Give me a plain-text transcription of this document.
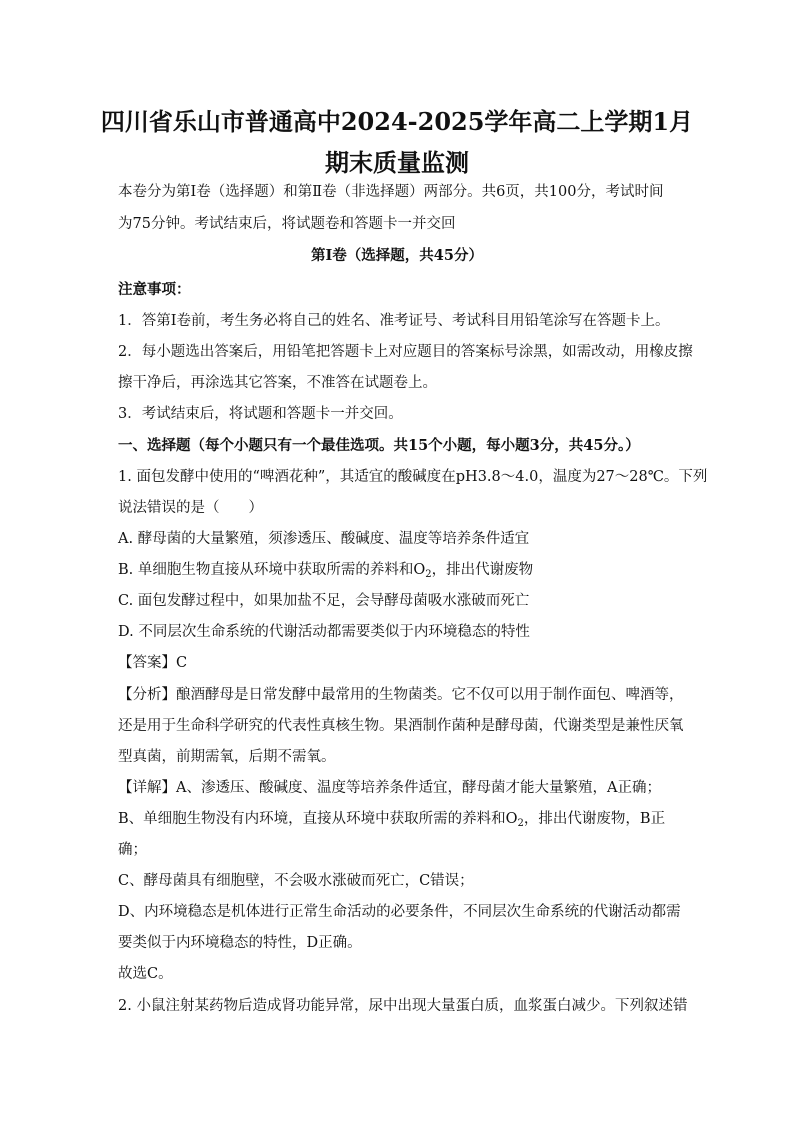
四川省乐山市普通高中2024-2025学年高二上学期1月
期末质量监测
本卷分为第Ⅰ卷（选择题）和第Ⅱ卷（非选择题）两部分。共6页，共100分，考试时间
为75分钟。考试结束后，将试题卷和答题卡一并交回
第Ⅰ卷（选择题，共45分）
注意事项：
1．答第Ⅰ卷前，考生务必将自己的姓名、准考证号、考试科目用铅笔涂写在答题卡上。
2．每小题选出答案后，用铅笔把答题卡上对应题目的答案标号涂黑，如需改动，用橡皮擦
擦干净后，再涂选其它答案，不准答在试题卷上。
3．考试结束后，将试题和答题卡一并交回。
一、选择题（每个小题只有一个最佳选项。共15个小题，每小题3分，共45分。）
1. 面包发酵中使用的“啤酒花种”，其适宜的酸碱度在pH3.8～4.0，温度为27～28℃。下列
说法错误的是（　　）
A. 酵母菌的大量繁殖，须渗透压、酸碱度、温度等培养条件适宜
B. 单细胞生物直接从环境中获取所需的养料和$O_2$，排出代谢废物
C. 面包发酵过程中，如果加盐不足，会导酵母菌吸水涨破而死亡
D. 不同层次生命系统的代谢活动都需要类似于内环境稳态的特性
【答案】C
【分析】酿酒酵母是日常发酵中最常用的生物菌类。它不仅可以用于制作面包、啤酒等，
还是用于生命科学研究的代表性真核生物。果酒制作菌种是酵母菌，代谢类型是兼性厌氧
型真菌，前期需氧，后期不需氧。
【详解】A、渗透压、酸碱度、温度等培养条件适宜，酵母菌才能大量繁殖，A正确；
B、单细胞生物没有内环境，直接从环境中获取所需的养料和$O_2$，排出代谢废物，B正
确；
C、酵母菌具有细胞壁，不会吸水涨破而死亡，C错误；
D、内环境稳态是机体进行正常生命活动的必要条件，不同层次生命系统的代谢活动都需
要类似于内环境稳态的特性，D正确。
故选C。
2. 小鼠注射某药物后造成肾功能异常，尿中出现大量蛋白质，血浆蛋白减少。下列叙述错
